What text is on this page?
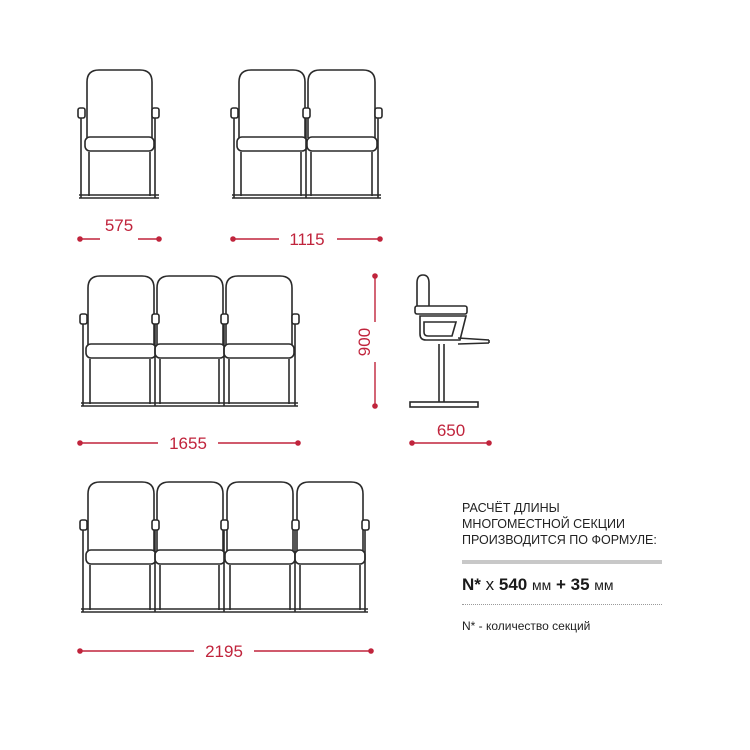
575
1115
1655
900
650
2195

РАСЧЁТ ДЛИНЫ
МНОГОМЕСТНОЙ СЕКЦИИ
ПРОИЗВОДИТСЯ ПО ФОРМУЛЕ:

N* х 540 мм + 35 мм
N* - количество секций
